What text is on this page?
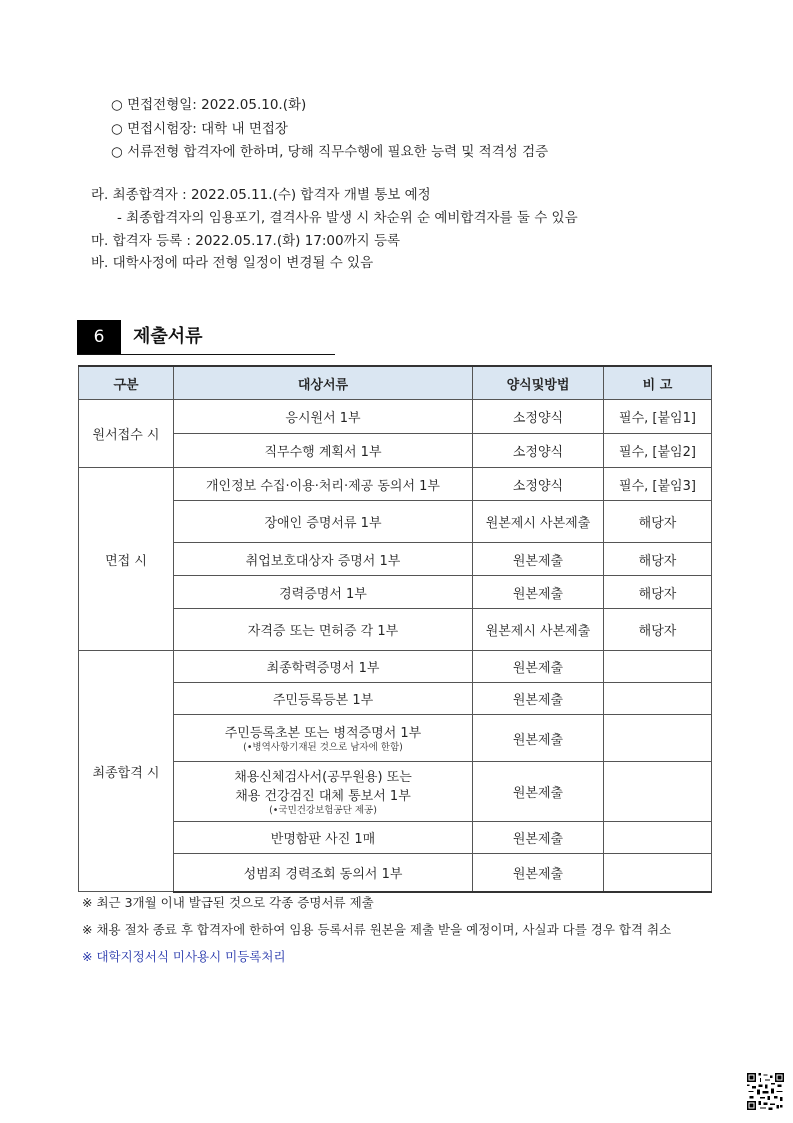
○ 면접전형일: 2022.05.10.(화)
○ 면접시험장: 대학 내 면접장
○ 서류전형 합격자에 한하며, 당해 직무수행에 필요한 능력 및 적격성 검증
라. 최종합격자 : 2022.05.11.(수) 합격자 개별 통보 예정
- 최종합격자의 임용포기, 결격사유 발생 시 차순위 순 예비합격자를 둘 수 있음
마. 합격자 등록 : 2022.05.17.(화) 17:00까지 등록
바. 대학사정에 따라 전형 일정이 변경될 수 있음
6	제출서류
구분	대상서류	양식및방법	비 고
원서접수 시	응시원서 1부	소정양식	필수, [붙임1]
	직무수행 계획서 1부	소정양식	필수, [붙임2]
면접 시	개인정보 수집·이용·처리·제공 동의서 1부	소정양식	필수, [붙임3]
	장애인 증명서류 1부	원본제시 사본제출	해당자
	취업보호대상자 증명서 1부	원본제출	해당자
	경력증명서 1부	원본제출	해당자
	자격증 또는 면허증 각 1부	원본제시 사본제출	해당자
최종합격 시	최종학력증명서 1부	원본제출	
	주민등록등본 1부	원본제출	
	주민등록초본 또는 병적증명서 1부
(•병역사항기재된 것으로 남자에 한함)	원본제출	

	채용신체검사서(공무원용) 또는
채용 건강검진 대체 통보서 1부
(•국민건강보험공단 제공)	원본제출	
	반명함판 사진 1매	원본제출	
	성범죄 경력조회 동의서 1부	원본제출	
※ 최근 3개월 이내 발급된 것으로 각종 증명서류 제출
※ 채용 절차 종료 후 합격자에 한하여 임용 등록서류 원본을 제출 받을 예정이며, 사실과 다를 경우 합격 취소
※ 대학지정서식 미사용시 미등록처리
